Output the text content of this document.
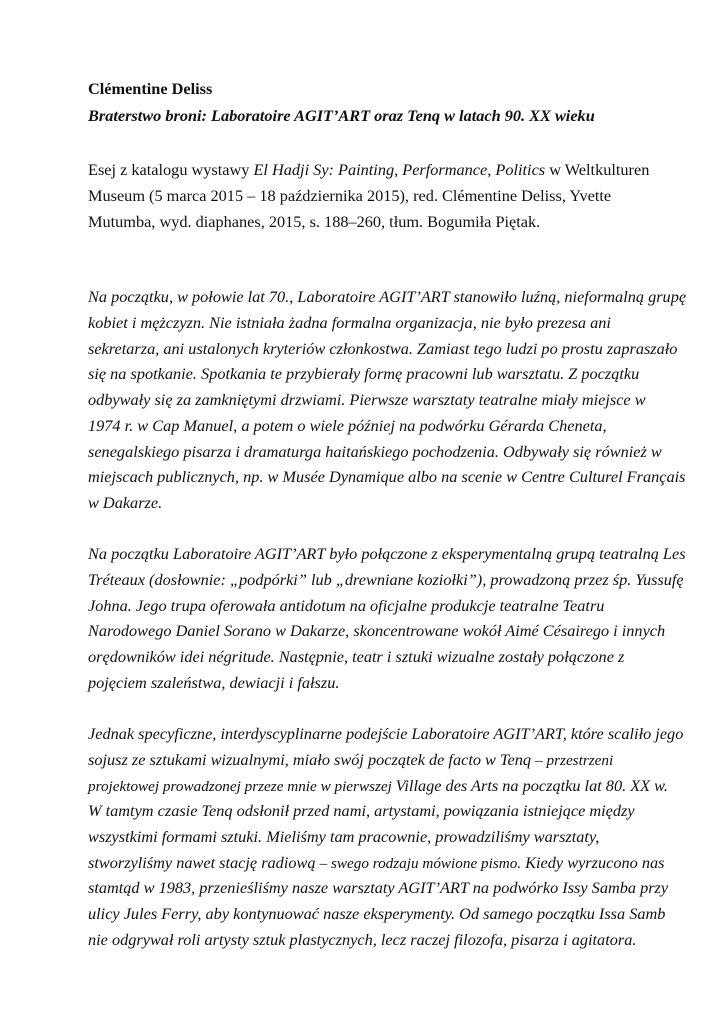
Clémentine Deliss
Braterstwo broni: Laboratoire AGIT’ART oraz Tenq w latach 90. XX wieku
Esej z katalogu wystawy El Hadji Sy: Painting, Performance, Politics w Weltkulturen
Museum (5 marca 2015 – 18 października 2015), red. Clémentine Deliss, Yvette
Mutumba, wyd. diaphanes, 2015, s. 188–260, tłum. Bogumiła Piętak.
Na początku, w połowie lat 70., Laboratoire AGIT’ART stanowiło luźną, nieformalną grupę
kobiet i mężczyzn. Nie istniała żadna formalna organizacja, nie było prezesa ani
sekretarza, ani ustalonych kryteriów członkostwa. Zamiast tego ludzi po prostu zapraszało
się na spotkanie. Spotkania te przybierały formę pracowni lub warsztatu. Z początku
odbywały się za zamkniętymi drzwiami. Pierwsze warsztaty teatralne miały miejsce w
1974 r. w Cap Manuel, a potem o wiele później na podwórku Gérarda Cheneta,
senegalskiego pisarza i dramaturga haitańskiego pochodzenia. Odbywały się również w
miejscach publicznych, np. w Musée Dynamique albo na scenie w Centre Culturel Français
w Dakarze.
Na początku Laboratoire AGIT’ART było połączone z eksperymentalną grupą teatralną Les
Tréteaux (dosłownie: „podpórki” lub „drewniane koziołki”), prowadzoną przez śp. Yussufę
Johna. Jego trupa oferowała antidotum na oficjalne produkcje teatralne Teatru
Narodowego Daniel Sorano w Dakarze, skoncentrowane wokół Aimé Césairego i innych
orędowników idei négritude. Następnie, teatr i sztuki wizualne zostały połączone z
pojęciem szaleństwa, dewiacji i fałszu.
Jednak specyficzne, interdyscyplinarne podejście Laboratoire AGIT’ART, które scaliło jego
sojusz ze sztukami wizualnymi, miało swój początek de facto w Tenq – przestrzeni
projektowej prowadzonej przeze mnie w pierwszej Village des Arts na początku lat 80. XX w.
W tamtym czasie Tenq odsłonił przed nami, artystami, powiązania istniejące między
wszystkimi formami sztuki. Mieliśmy tam pracownie, prowadziliśmy warsztaty,
stworzyliśmy nawet stację radiową – swego rodzaju mówione pismo. Kiedy wyrzucono nas
stamtąd w 1983, przenieśliśmy nasze warsztaty AGIT’ART na podwórko Issy Samba przy
ulicy Jules Ferry, aby kontynuować nasze eksperymenty. Od samego początku Issa Samb
nie odgrywał roli artysty sztuk plastycznych, lecz raczej filozofa, pisarza i agitatora.
